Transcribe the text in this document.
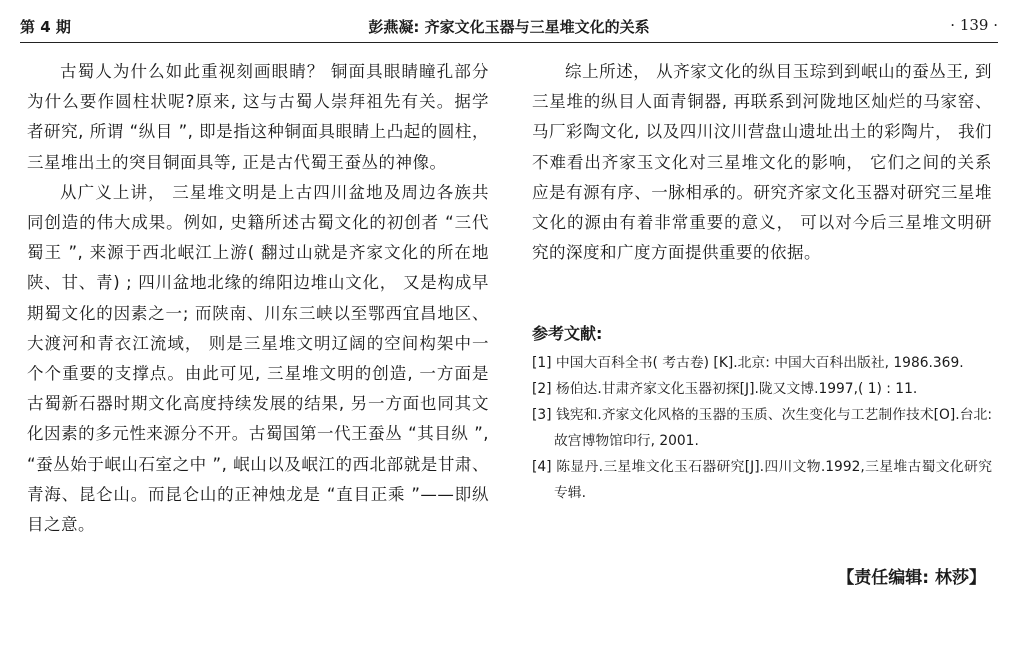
第 4 期	彭燕凝: 齐家文化玉器与三星堆文化的关系	· 139 ·

古蜀人为什么如此重视刻画眼睛？ 铜面具眼睛瞳孔部分为什么要作圆柱状呢?原来, 这与古蜀人崇拜祖先有关。据学者研究, 所谓 “纵目 ”, 即是指这种铜面具眼睛上凸起的圆柱， 三星堆出土的突目铜面具等, 正是古代蜀王蚕丛的神像。

从广义上讲， 三星堆文明是上古四川盆地及周边各族共同创造的伟大成果。例如, 史籍所述古蜀文化的初创者 “三代蜀王 ”, 来源于西北岷江上游( 翻过山就是齐家文化的所在地陕、甘、青) ; 四川盆地北缘的绵阳边堆山文化， 又是构成早期蜀文化的因素之一; 而陕南、川东三峡以至鄂西宜昌地区、大渡河和青衣江流域， 则是三星堆文明辽阔的空间构架中一个个重要的支撑点。由此可见, 三星堆文明的创造, 一方面是古蜀新石器时期文化高度持续发展的结果, 另一方面也同其文化因素的多元性来源分不开。古蜀国第一代王蚕丛 “其目纵 ”, “蚕丛始于岷山石室之中 ”, 岷山以及岷江的西北部就是甘肃、青海、昆仑山。而昆仑山的正神烛龙是 “直目正乘 ”——即纵目之意。

综上所述， 从齐家文化的纵目玉琮到到岷山的蚕丛王, 到三星堆的纵目人面青铜器, 再联系到河陇地区灿烂的马家窑、马厂彩陶文化, 以及四川汶川营盘山遗址出土的彩陶片， 我们不难看出齐家玉文化对三星堆文化的影响， 它们之间的关系应是有源有序、一脉相承的。研究齐家文化玉器对研究三星堆文化的源由有着非常重要的意义， 可以对今后三星堆文明研究的深度和广度方面提供重要的依据。

参考文献:
[1] 中国大百科全书( 考古卷) [K].北京: 中国大百科出版社, 1986.369.
[2] 杨伯达.甘肃齐家文化玉器初探[J].陇又文博.1997,( 1) : 11.
[3] 钱宪和.齐家文化风格的玉器的玉质、次生变化与工艺制作技术[O].台北: 故宫博物馆印行, 2001.
[4] 陈显丹.三星堆文化玉石器研究[J].四川文物.1992,三星堆古蜀文化研究专辑.
【责任编辑: 林莎】
